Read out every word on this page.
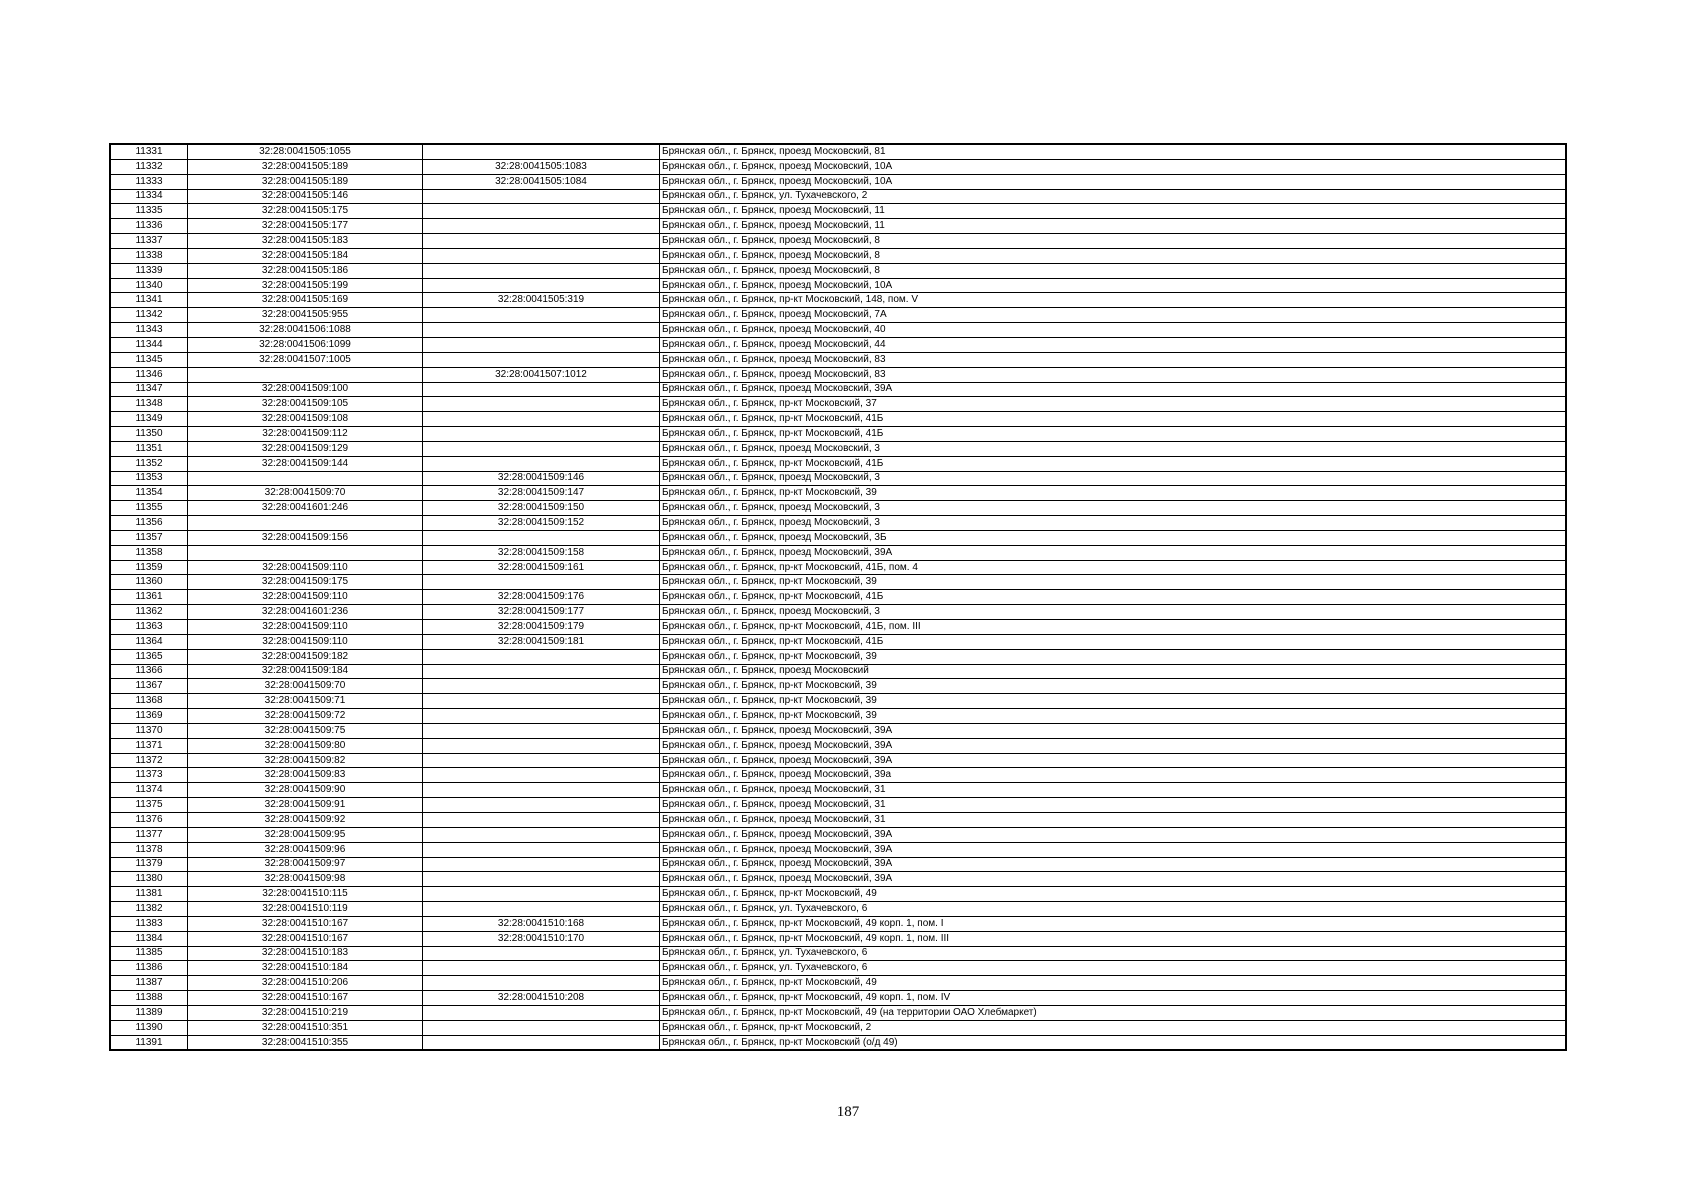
11331	32:28:0041505:1055		Брянская обл., г. Брянск, проезд Московский, 81
11332	32:28:0041505:189	32:28:0041505:1083	Брянская обл., г. Брянск, проезд Московский, 10А
11333	32:28:0041505:189	32:28:0041505:1084	Брянская обл., г. Брянск, проезд Московский, 10А
11334	32:28:0041505:146		Брянская обл., г. Брянск, ул. Тухачевского, 2
11335	32:28:0041505:175		Брянская обл., г. Брянск, проезд Московский, 11
11336	32:28:0041505:177		Брянская обл., г. Брянск, проезд Московский, 11
11337	32:28:0041505:183		Брянская обл., г. Брянск, проезд Московский, 8
11338	32:28:0041505:184		Брянская обл., г. Брянск, проезд Московский, 8
11339	32:28:0041505:186		Брянская обл., г. Брянск, проезд Московский, 8
11340	32:28:0041505:199		Брянская обл., г. Брянск, проезд Московский, 10А
11341	32:28:0041505:169	32:28:0041505:319	Брянская обл., г. Брянск, пр-кт Московский, 148, пом. V
11342	32:28:0041505:955		Брянская обл., г. Брянск, проезд Московский, 7А
11343	32:28:0041506:1088		Брянская обл., г. Брянск, проезд Московский, 40
11344	32:28:0041506:1099		Брянская обл., г. Брянск, проезд Московский, 44
11345	32:28:0041507:1005		Брянская обл., г. Брянск, проезд Московский, 83
11346		32:28:0041507:1012	Брянская обл., г. Брянск, проезд Московский, 83
11347	32:28:0041509:100		Брянская обл., г. Брянск, проезд Московский, 39А
11348	32:28:0041509:105		Брянская обл., г. Брянск, пр-кт Московский, 37
11349	32:28:0041509:108		Брянская обл., г. Брянск, пр-кт Московский, 41Б
11350	32:28:0041509:112		Брянская обл., г. Брянск, пр-кт Московский, 41Б
11351	32:28:0041509:129		Брянская обл., г. Брянск, проезд Московский, 3
11352	32:28:0041509:144		Брянская обл., г. Брянск, пр-кт Московский, 41Б
11353		32:28:0041509:146	Брянская обл., г. Брянск, проезд Московский, 3
11354	32:28:0041509:70	32:28:0041509:147	Брянская обл., г. Брянск, пр-кт Московский, 39
11355	32:28:0041601:246	32:28:0041509:150	Брянская обл., г. Брянск, проезд Московский, 3
11356		32:28:0041509:152	Брянская обл., г. Брянск, проезд Московский, 3
11357	32:28:0041509:156		Брянская обл., г. Брянск, проезд Московский, 3Б
11358		32:28:0041509:158	Брянская обл., г. Брянск, проезд Московский, 39А
11359	32:28:0041509:110	32:28:0041509:161	Брянская обл., г. Брянск, пр-кт Московский, 41Б, пом. 4
11360	32:28:0041509:175		Брянская обл., г. Брянск, пр-кт Московский, 39
11361	32:28:0041509:110	32:28:0041509:176	Брянская обл., г. Брянск, пр-кт Московский, 41Б
11362	32:28:0041601:236	32:28:0041509:177	Брянская обл., г. Брянск, проезд Московский, 3
11363	32:28:0041509:110	32:28:0041509:179	Брянская обл., г. Брянск, пр-кт Московский, 41Б, пом. III
11364	32:28:0041509:110	32:28:0041509:181	Брянская обл., г. Брянск, пр-кт Московский, 41Б
11365	32:28:0041509:182		Брянская обл., г. Брянск, пр-кт Московский, 39
11366	32:28:0041509:184		Брянская обл., г. Брянск, проезд Московский
11367	32:28:0041509:70		Брянская обл., г. Брянск, пр-кт Московский, 39
11368	32:28:0041509:71		Брянская обл., г. Брянск, пр-кт Московский, 39
11369	32:28:0041509:72		Брянская обл., г. Брянск, пр-кт Московский, 39
11370	32:28:0041509:75		Брянская обл., г. Брянск, проезд Московский, 39А
11371	32:28:0041509:80		Брянская обл., г. Брянск, проезд Московский, 39А
11372	32:28:0041509:82		Брянская обл., г. Брянск, проезд Московский, 39А
11373	32:28:0041509:83		Брянская обл., г. Брянск, проезд Московский, 39а
11374	32:28:0041509:90		Брянская обл., г. Брянск, проезд Московский, 31
11375	32:28:0041509:91		Брянская обл., г. Брянск, проезд Московский, 31
11376	32:28:0041509:92		Брянская обл., г. Брянск, проезд Московский, 31
11377	32:28:0041509:95		Брянская обл., г. Брянск, проезд Московский, 39А
11378	32:28:0041509:96		Брянская обл., г. Брянск, проезд Московский, 39А
11379	32:28:0041509:97		Брянская обл., г. Брянск, проезд Московский, 39А
11380	32:28:0041509:98		Брянская обл., г. Брянск, проезд Московский, 39А
11381	32:28:0041510:115		Брянская обл., г. Брянск, пр-кт Московский, 49
11382	32:28:0041510:119		Брянская обл., г. Брянск, ул. Тухачевского, 6
11383	32:28:0041510:167	32:28:0041510:168	Брянская обл., г. Брянск, пр-кт Московский, 49 корп. 1, пом. I
11384	32:28:0041510:167	32:28:0041510:170	Брянская обл., г. Брянск, пр-кт Московский, 49 корп. 1, пом. III
11385	32:28:0041510:183		Брянская обл., г. Брянск, ул. Тухачевского, 6
11386	32:28:0041510:184		Брянская обл., г. Брянск, ул. Тухачевского, 6
11387	32:28:0041510:206		Брянская обл., г. Брянск, пр-кт Московский, 49
11388	32:28:0041510:167	32:28:0041510:208	Брянская обл., г. Брянск, пр-кт Московский, 49 корп. 1, пом. IV
11389	32:28:0041510:219		Брянская обл., г. Брянск, пр-кт Московский, 49 (на территории ОАО Хлебмаркет)
11390	32:28:0041510:351		Брянская обл., г. Брянск, пр-кт Московский, 2
11391	32:28:0041510:355		Брянская обл., г. Брянск, пр-кт Московский (о/д 49)
187
